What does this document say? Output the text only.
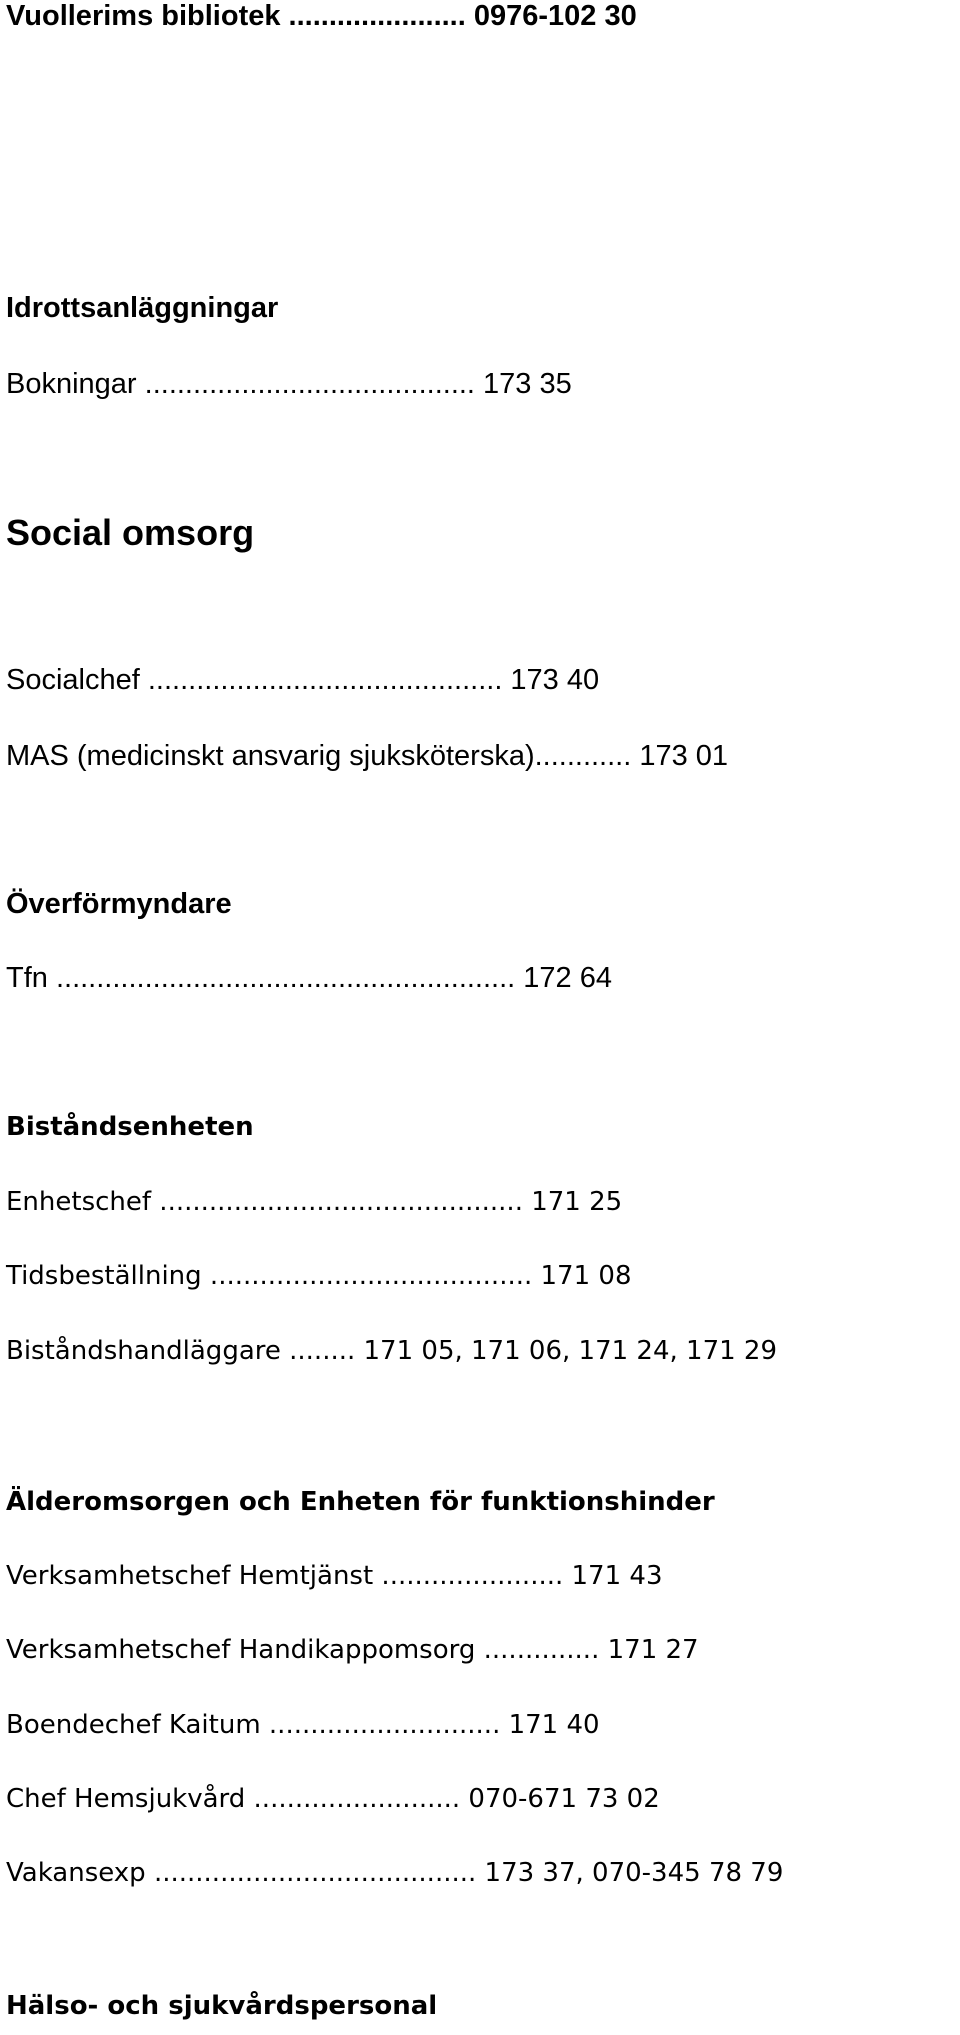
Vuollerims bibliotek ...................... 0976-102 30
Idrottsanläggningar
Bokningar ......................................... 173 35
Social omsorg
Socialchef ............................................ 173 40
MAS (medicinskt ansvarig sjuksköterska)............ 173 01
Överförmyndare
Tfn ......................................................... 172 64
Biståndsenheten
Enhetschef ............................................ 171 25
Tidsbeställning ....................................... 171 08
Biståndshandläggare ........ 171 05, 171 06, 171 24, 171 29
Älderomsorgen och Enheten för funktionshinder
Verksamhetschef Hemtjänst ...................... 171 43
Verksamhetschef Handikappomsorg .............. 171 27
Boendechef Kaitum ............................ 171 40
Chef Hemsjukvård ......................... 070-671 73 02
Vakansexp ....................................... 173 37, 070-345 78 79
Hälso- och sjukvårdspersonal
